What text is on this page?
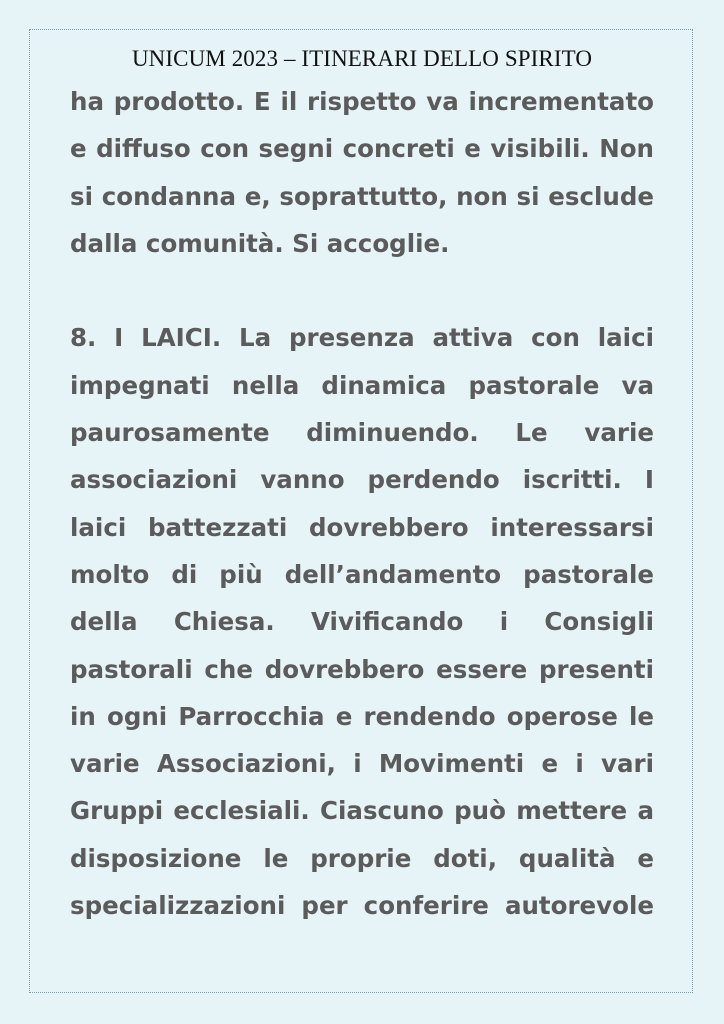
UNICUM 2023 – ITINERARI DELLO SPIRITO
ha prodotto. E il rispetto va incrementato
e diffuso con segni concreti e visibili. Non
si condanna e, soprattutto, non si esclude
dalla comunità. Si accoglie.
8. I LAICI. La presenza attiva con laici
impegnati nella dinamica pastorale va
paurosamente diminuendo. Le varie
associazioni vanno perdendo iscritti. I
laici battezzati dovrebbero interessarsi
molto di più dell’andamento pastorale
della Chiesa. Vivificando i Consigli
pastorali che dovrebbero essere presenti
in ogni Parrocchia e rendendo operose le
varie Associazioni, i Movimenti e i vari
Gruppi ecclesiali. Ciascuno può mettere a
disposizione le proprie doti, qualità e
specializzazioni per conferire autorevole
